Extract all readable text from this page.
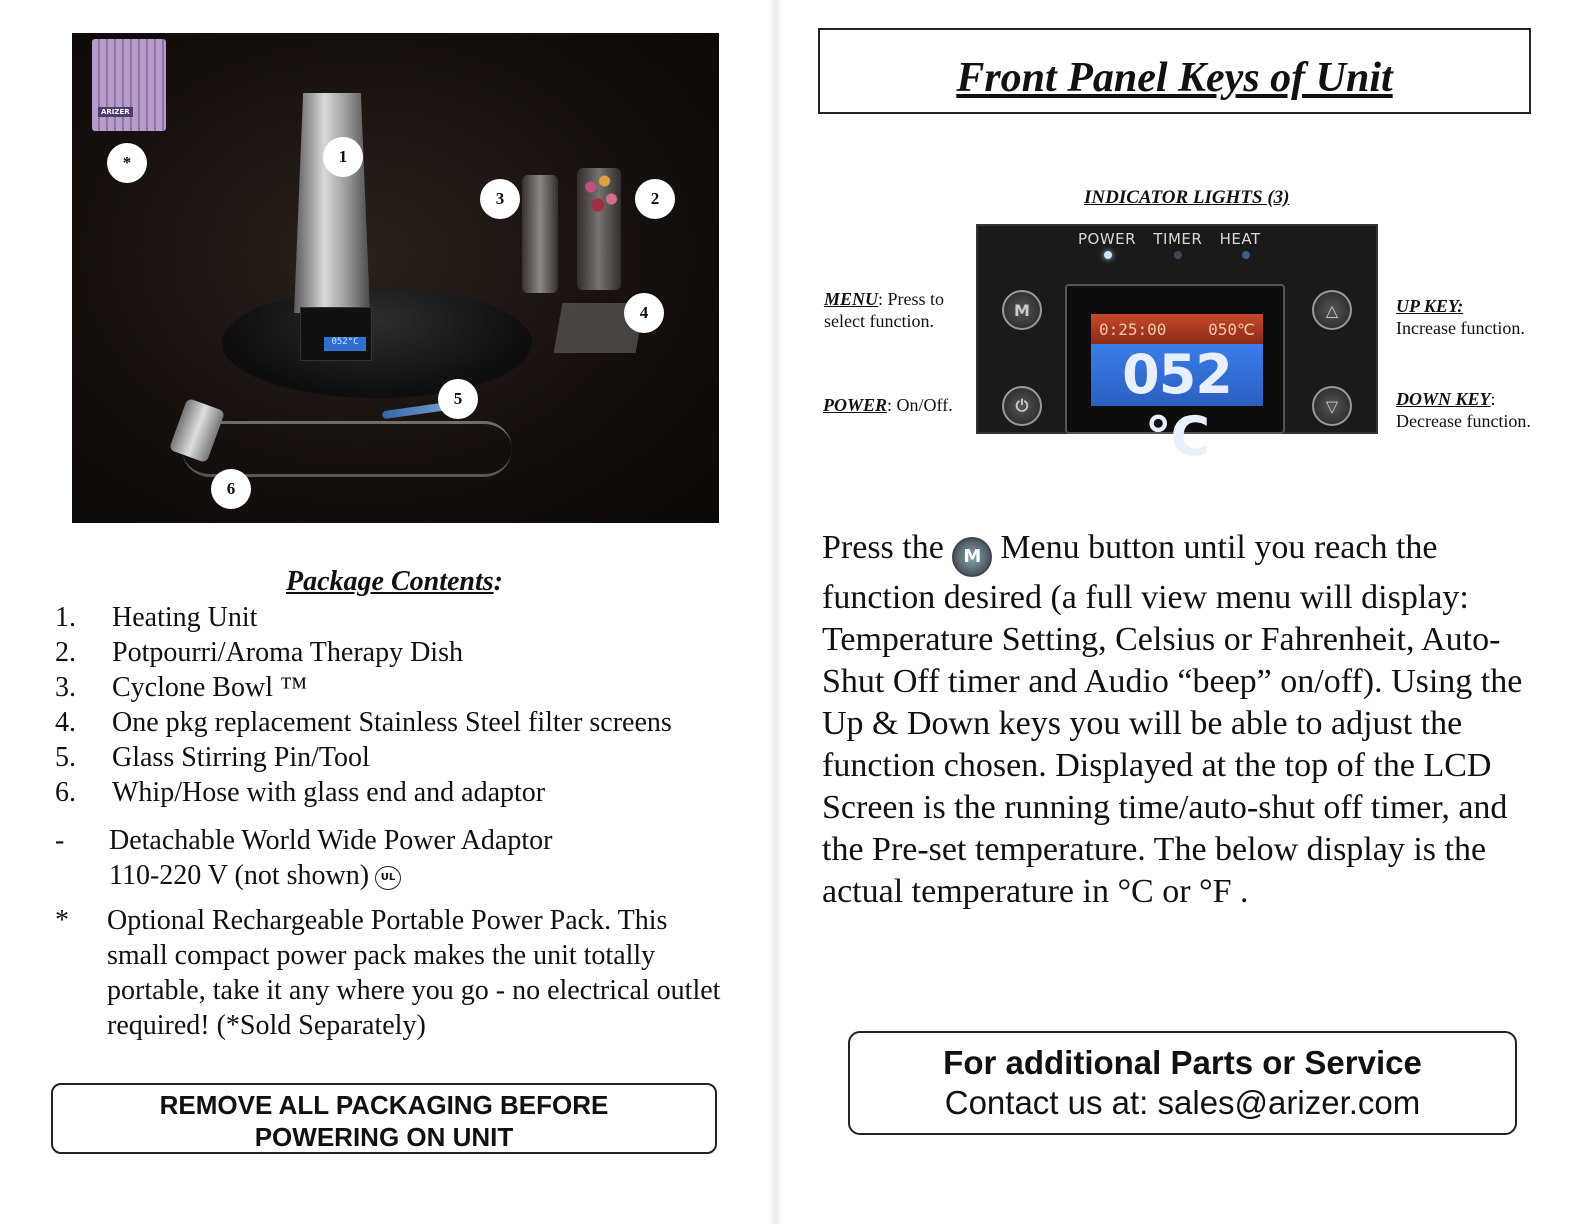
ARIZER
052°C
*	1
2
3
4
5
6
Package Contents:
1. Heating Unit
2. Potpourri/Aroma Therapy Dish
3. Cyclone Bowl ™
4. One pkg replacement Stainless Steel filter screens
5. Glass Stirring Pin/Tool
6. Whip/Hose with glass end and adaptor
- Detachable World Wide Power Adaptor
110-220 V (not shown) UL
* Optional Rechargeable Portable Power Pack. This small compact power pack makes the unit totally portable, take it any where you go - no electrical outlet required! (*Sold Separately)
REMOVE ALL PACKAGING BEFORE
POWERING ON UNIT
Front Panel Keys of Unit
INDICATOR LIGHTS (3)
POWER TIMER HEAT
0:25:00	050℃
052 ℃
M
⏻
△
▽
MENU: Press to
select function.
POWER: On/Off.
UP KEY:
Increase function.
DOWN KEY:
Decrease function.
Press the M Menu button until you reach the function desired (a full view menu will display: Temperature Setting, Celsius or Fahrenheit, Auto-Shut Off timer and Audio “beep” on/off). Using the Up & Down keys you will be able to adjust the function chosen. Displayed at the top of the LCD Screen is the running time/auto-shut off timer, and the Pre-set temperature. The below display is the actual temperature in °C or °F .
For additional Parts or Service
Contact us at: sales@arizer.com
